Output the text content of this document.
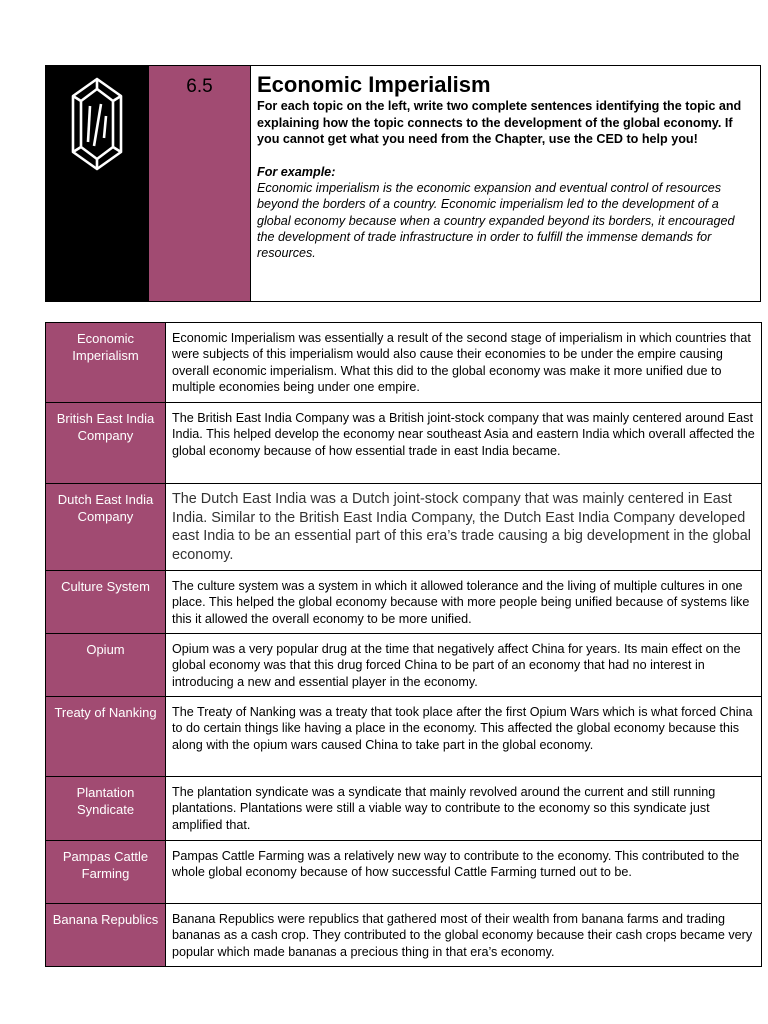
6.5	Economic Imperialism

For each topic on the left, write two complete sentences identifying the topic and explaining how the topic connects to the development of the global economy. If you cannot get what you need from the Chapter, use the CED to help you!

For example:

Economic imperialism is the economic expansion and eventual control of resources beyond the borders of a country. Economic imperialism led to the development of a global economy because when a country expanded beyond its borders, it encouraged the development of trade infrastructure in order to fulfill the immense demands for resources.

Economic Imperialism	Economic Imperialism was essentially a result of the second stage of imperialism in which countries that were subjects of this imperialism would also cause their economies to be under the empire causing overall economic imperialism. What this did to the global economy was make it more unified due to multiple economies being under one empire.
British East India Company	The British East India Company was a British joint-stock company that was mainly centered around East India. This helped develop the economy near southeast Asia and eastern India which overall affected the global economy because of how essential trade in east India became.
Dutch East India Company	The Dutch East India was a Dutch joint-stock company that was mainly centered in East India. Similar to the British East India Company, the Dutch East India Company developed east India to be an essential part of this era’s trade causing a big development in the global economy.
Culture System	The culture system was a system in which it allowed tolerance and the living of multiple cultures in one place. This helped the global economy because with more people being unified because of systems like this it allowed the overall economy to be more unified.
Opium	Opium was a very popular drug at the time that negatively affect China for years. Its main effect on the global economy was that this drug forced China to be part of an economy that had no interest in introducing a new and essential player in the economy.
Treaty of Nanking	The Treaty of Nanking was a treaty that took place after the first Opium Wars which is what forced China to do certain things like having a place in the economy. This affected the global economy because this along with the opium wars caused China to take part in the global economy.
Plantation Syndicate	The plantation syndicate was a syndicate that mainly revolved around the current and still running plantations. Plantations were still a viable way to contribute to the economy so this syndicate just amplified that.
Pampas Cattle Farming	Pampas Cattle Farming was a relatively new way to contribute to the economy. This contributed to the whole global economy because of how successful Cattle Farming turned out to be.
Banana Republics	Banana Republics were republics that gathered most of their wealth from banana farms and trading bananas as a cash crop. They contributed to the global economy because their cash crops became very popular which made bananas a precious thing in that era’s economy.
